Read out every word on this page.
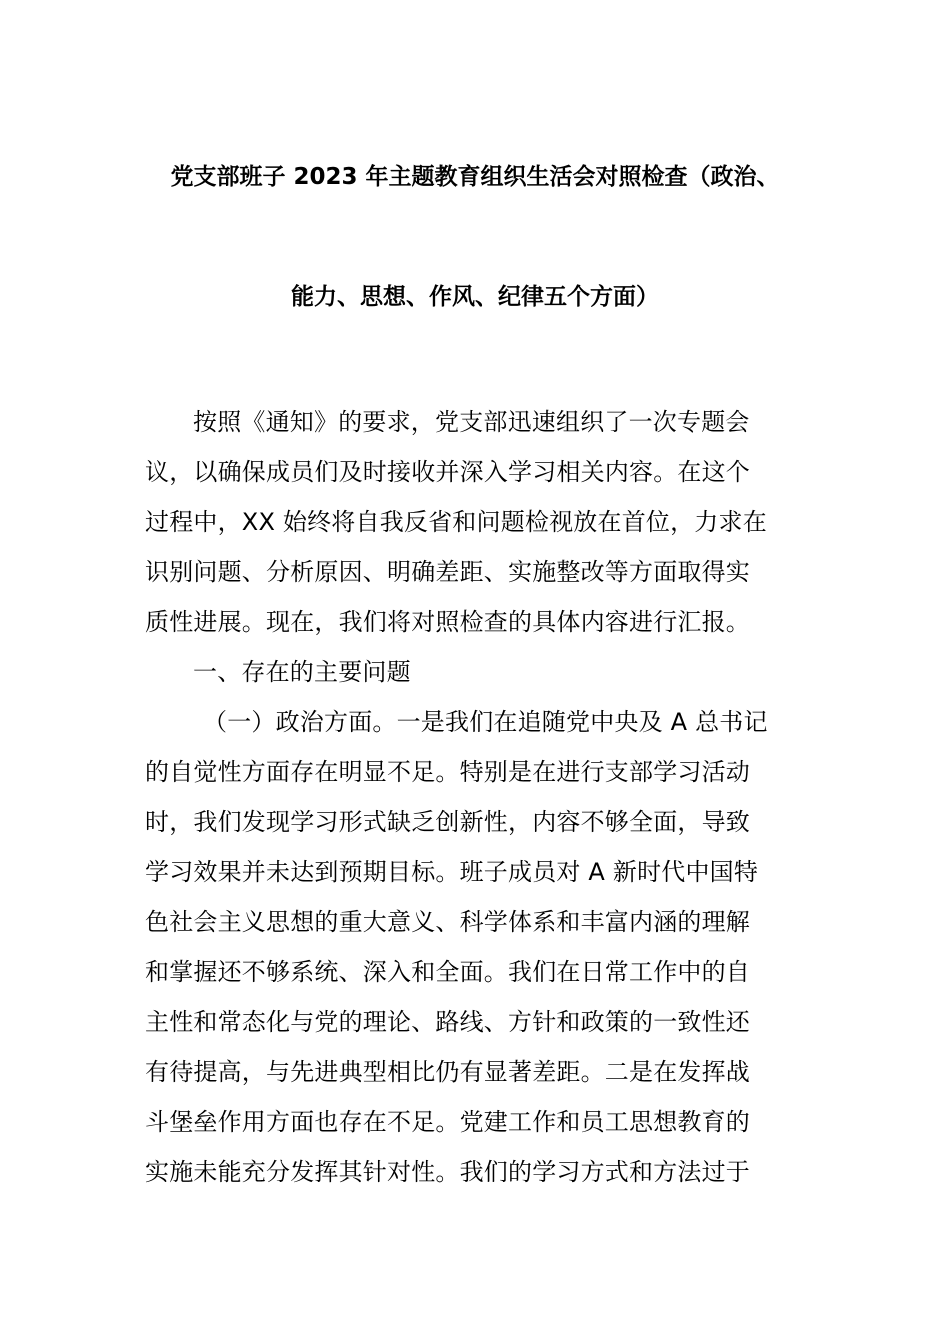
党支部班子 2023 年主题教育组织生活会对照检查（政治、
能力、思想、作风、纪律五个方面）
按照《通知》的要求，党支部迅速组织了一次专题会
议，以确保成员们及时接收并深入学习相关内容。在这个
过程中，XX 始终将自我反省和问题检视放在首位，力求在
识别问题、分析原因、明确差距、实施整改等方面取得实
质性进展。现在，我们将对照检查的具体内容进行汇报。
一、存在的主要问题
（一）政治方面。一是我们在追随党中央及 A 总书记
的自觉性方面存在明显不足。特别是在进行支部学习活动
时，我们发现学习形式缺乏创新性，内容不够全面，导致
学习效果并未达到预期目标。班子成员对 A 新时代中国特
色社会主义思想的重大意义、科学体系和丰富内涵的理解
和掌握还不够系统、深入和全面。我们在日常工作中的自
主性和常态化与党的理论、路线、方针和政策的一致性还
有待提高，与先进典型相比仍有显著差距。二是在发挥战
斗堡垒作用方面也存在不足。党建工作和员工思想教育的
实施未能充分发挥其针对性。我们的学习方式和方法过于
